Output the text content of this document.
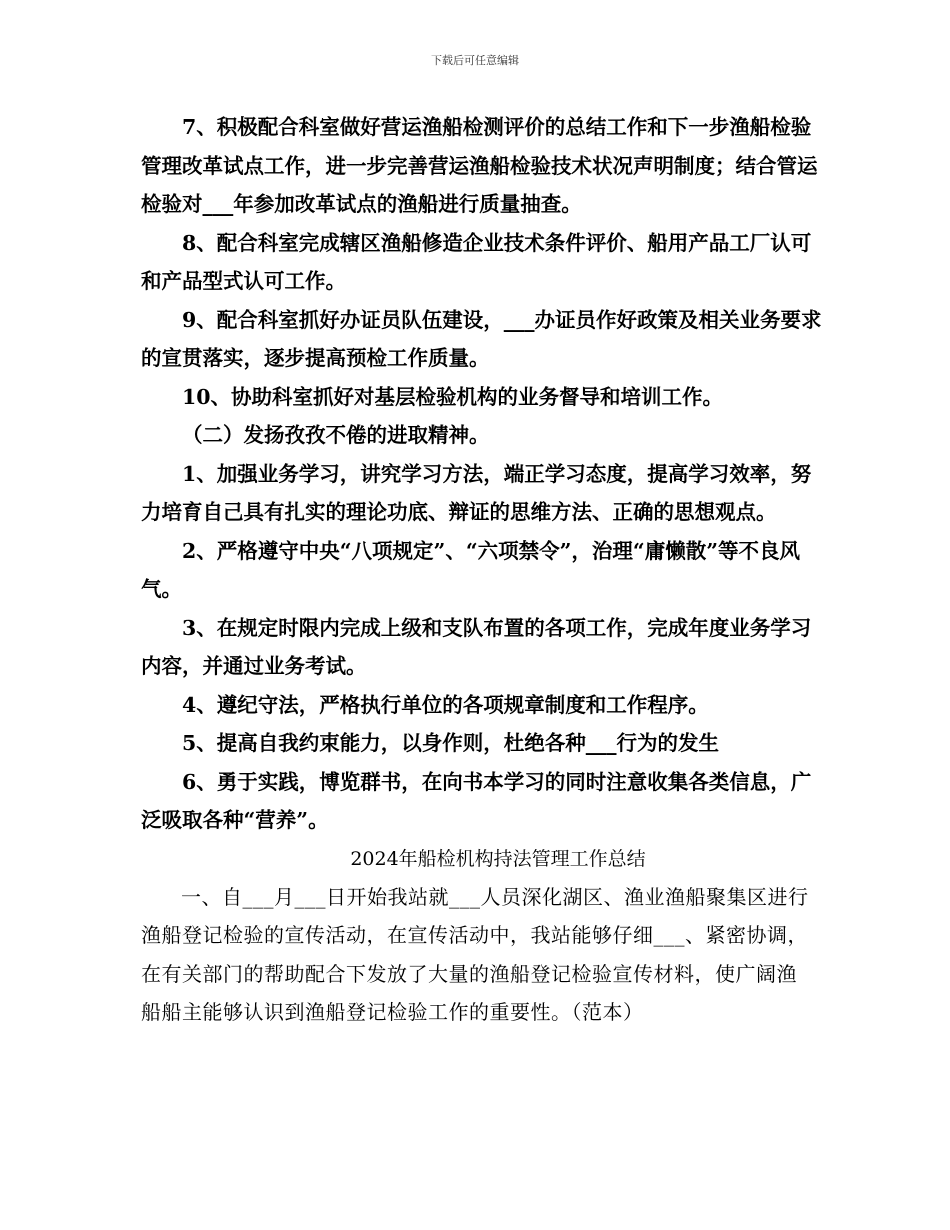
下载后可任意编辑

7、积极配合科室做好营运渔船检测评价的总结工作和下一步渔船检验管理改革试点工作，进一步完善营运渔船检验技术状况声明制度；结合管运检验对___年参加改革试点的渔船进行质量抽查。

8、配合科室完成辖区渔船修造企业技术条件评价、船用产品工厂认可和产品型式认可工作。

9、配合科室抓好办证员队伍建设，___办证员作好政策及相关业务要求的宣贯落实，逐步提高预检工作质量。

10、协助科室抓好对基层检验机构的业务督导和培训工作。

（二）发扬孜孜不倦的进取精神。

1、加强业务学习，讲究学习方法，端正学习态度，提高学习效率，努力培育自己具有扎实的理论功底、辩证的思维方法、正确的思想观点。

2、严格遵守中央“八项规定”、“六项禁令”，治理“庸懒散”等不良风气。

3、在规定时限内完成上级和支队布置的各项工作，完成年度业务学习内容，并通过业务考试。

4、遵纪守法，严格执行单位的各项规章制度和工作程序。

5、提高自我约束能力，以身作则，杜绝各种___行为的发生

6、勇于实践，博览群书，在向书本学习的同时注意收集各类信息，广泛吸取各种“营养”。

2024年船检机构持法管理工作总结

一、自___月___日开始我站就___人员深化湖区、渔业渔船聚集区进行渔船登记检验的宣传活动，在宣传活动中，我站能够仔细___、紧密协调，在有关部门的帮助配合下发放了大量的渔船登记检验宣传材料，使广阔渔船船主能够认识到渔船登记检验工作的重要性。（范本）
